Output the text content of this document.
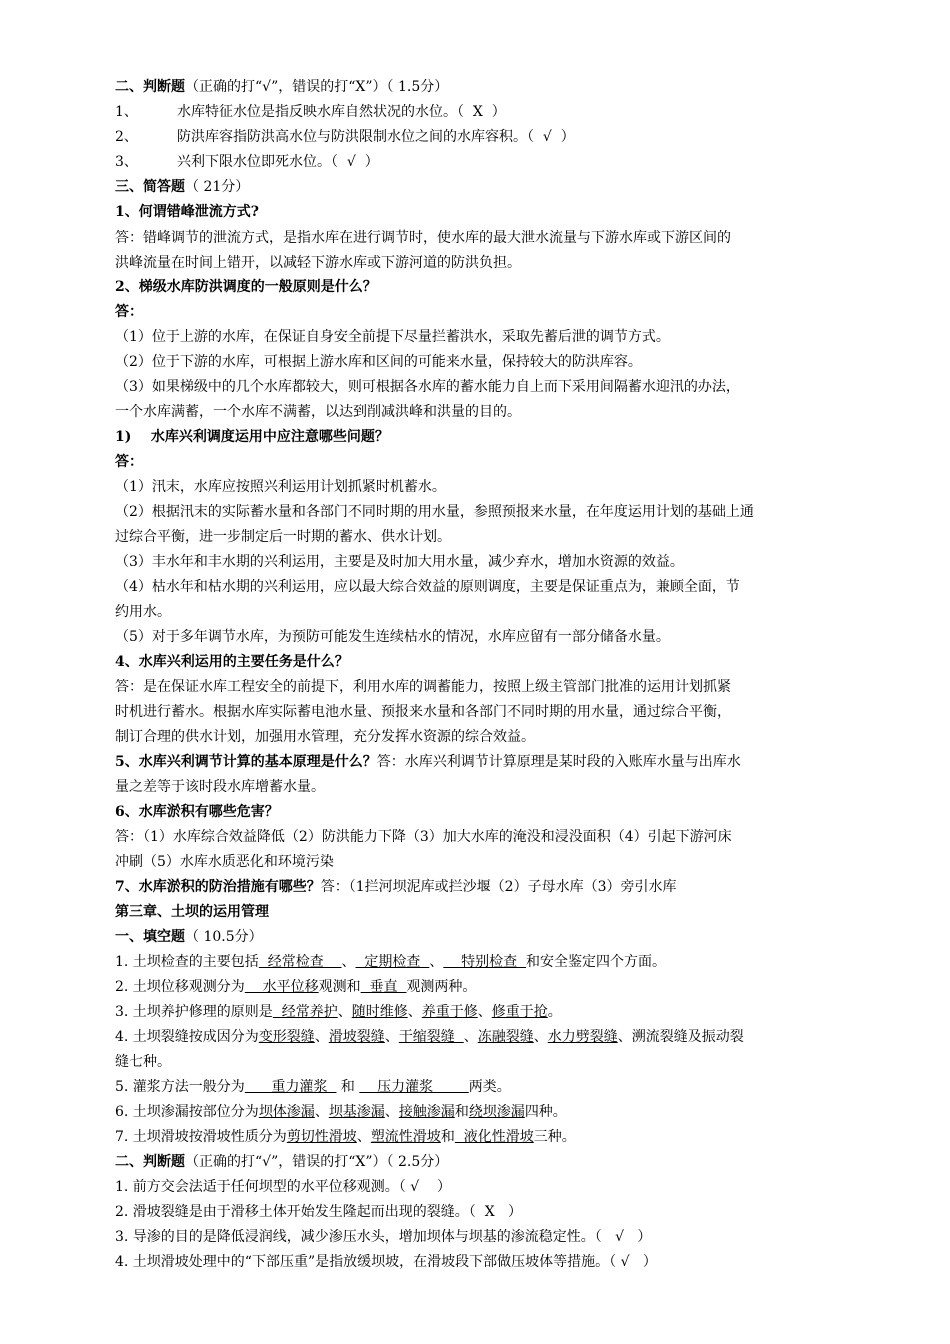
二、判断题（正确的打“√”，错误的打“X”）（ 1.5分）
1、	水库特征水位是指反映水库自然状况的水位。（  X  ）
2、	防洪库容指防洪高水位与防洪限制水位之间的水库容积。（  √  ）
3、	兴利下限水位即死水位。（  √  ）
三、简答题（ 21分）
1、何谓错峰泄流方式?
答：错峰调节的泄流方式，是指水库在进行调节时，使水库的最大泄水流量与下游水库或下游区间的
洪峰流量在时间上错开，以减轻下游水库或下游河道的防洪负担。
2、梯级水库防洪调度的一般原则是什么？
答：
（1）位于上游的水库，在保证自身安全前提下尽量拦蓄洪水，采取先蓄后泄的调节方式。
（2）位于下游的水库，可根据上游水库和区间的可能来水量，保持较大的防洪库容。
（3）如果梯级中的几个水库都较大，则可根据各水库的蓄水能力自上而下采用间隔蓄水迎汛的办法，
一个水库满蓄，一个水库不满蓄，以达到削减洪峰和洪量的目的。
1)    水库兴利调度运用中应注意哪些问题？
答：
（1）汛末，水库应按照兴利运用计划抓紧时机蓄水。
（2）根据汛末的实际蓄水量和各部门不同时期的用水量，参照预报来水量，在年度运用计划的基础上通
过综合平衡，进一步制定后一时期的蓄水、供水计划。
（3）丰水年和丰水期的兴利运用，主要是及时加大用水量，减少弃水，增加水资源的效益。
（4）枯水年和枯水期的兴利运用，应以最大综合效益的原则调度，主要是保证重点为，兼顾全面，节
约用水。
（5）对于多年调节水库，为预防可能发生连续枯水的情况，水库应留有一部分储备水量。
4、水库兴利运用的主要任务是什么？
答：是在保证水库工程安全的前提下，利用水库的调蓄能力，按照上级主管部门批准的运用计划抓紧
时机进行蓄水。根据水库实际蓄电池水量、预报来水量和各部门不同时期的用水量，通过综合平衡，
制订合理的供水计划，加强用水管理，充分发挥水资源的综合效益。
5、水库兴利调节计算的基本原理是什么？答：水库兴利调节计算原理是某时段的入账库水量与出库水
量之差等于该时段水库增蓄水量。
6、水库淤积有哪些危害？
答：（1）水库综合效益降低（2）防洪能力下降（3）加大水库的淹没和浸没面积（4）引起下游河床
冲刷（5）水库水质恶化和环境污染
7、水库淤积的防治措施有哪些？答：（1拦河坝泥库或拦沙堰（2）子母水库（3）旁引水库
第三章、土坝的运用管理
一、填空题（ 10.5分）
1. 土坝检查的主要包括  经常检查    、  定期检查  、    特别检查  和安全鉴定四个方面。
2. 土坝位移观测分为    水平位移观测和  垂直  观测两种。
3. 土坝养护修理的原则是  经常养护、随时维修、养重于修、修重于抢。
4. 土坝裂缝按成因分为变形裂缝、滑坡裂缝、干缩裂缝  、冻融裂缝、水力劈裂缝、溯流裂缝及振动裂
缝七种。
5. 灌浆方法一般分为      重力灌浆   和     压力灌浆        两类。
6. 土坝渗漏按部位分为坝体渗漏、坝基渗漏、接触渗漏和绕坝渗漏四种。
7. 土坝滑坡按滑坡性质分为剪切性滑坡、塑流性滑坡和  液化性滑坡三种。
二、判断题（正确的打“√”，错误的打“X”）（ 2.5分）
1. 前方交会法适于任何坝型的水平位移观测。（ √    ）
2. 滑坡裂缝是由于滑移土体开始发生隆起而出现的裂缝。（  X   ）
3. 导渗的目的是降低浸润线，减少渗压水头，增加坝体与坝基的渗流稳定性。（   √   ）
4. 土坝滑坡处理中的“下部压重”是指放缓坝坡，在滑坡段下部做压坡体等措施。（ √   ）
